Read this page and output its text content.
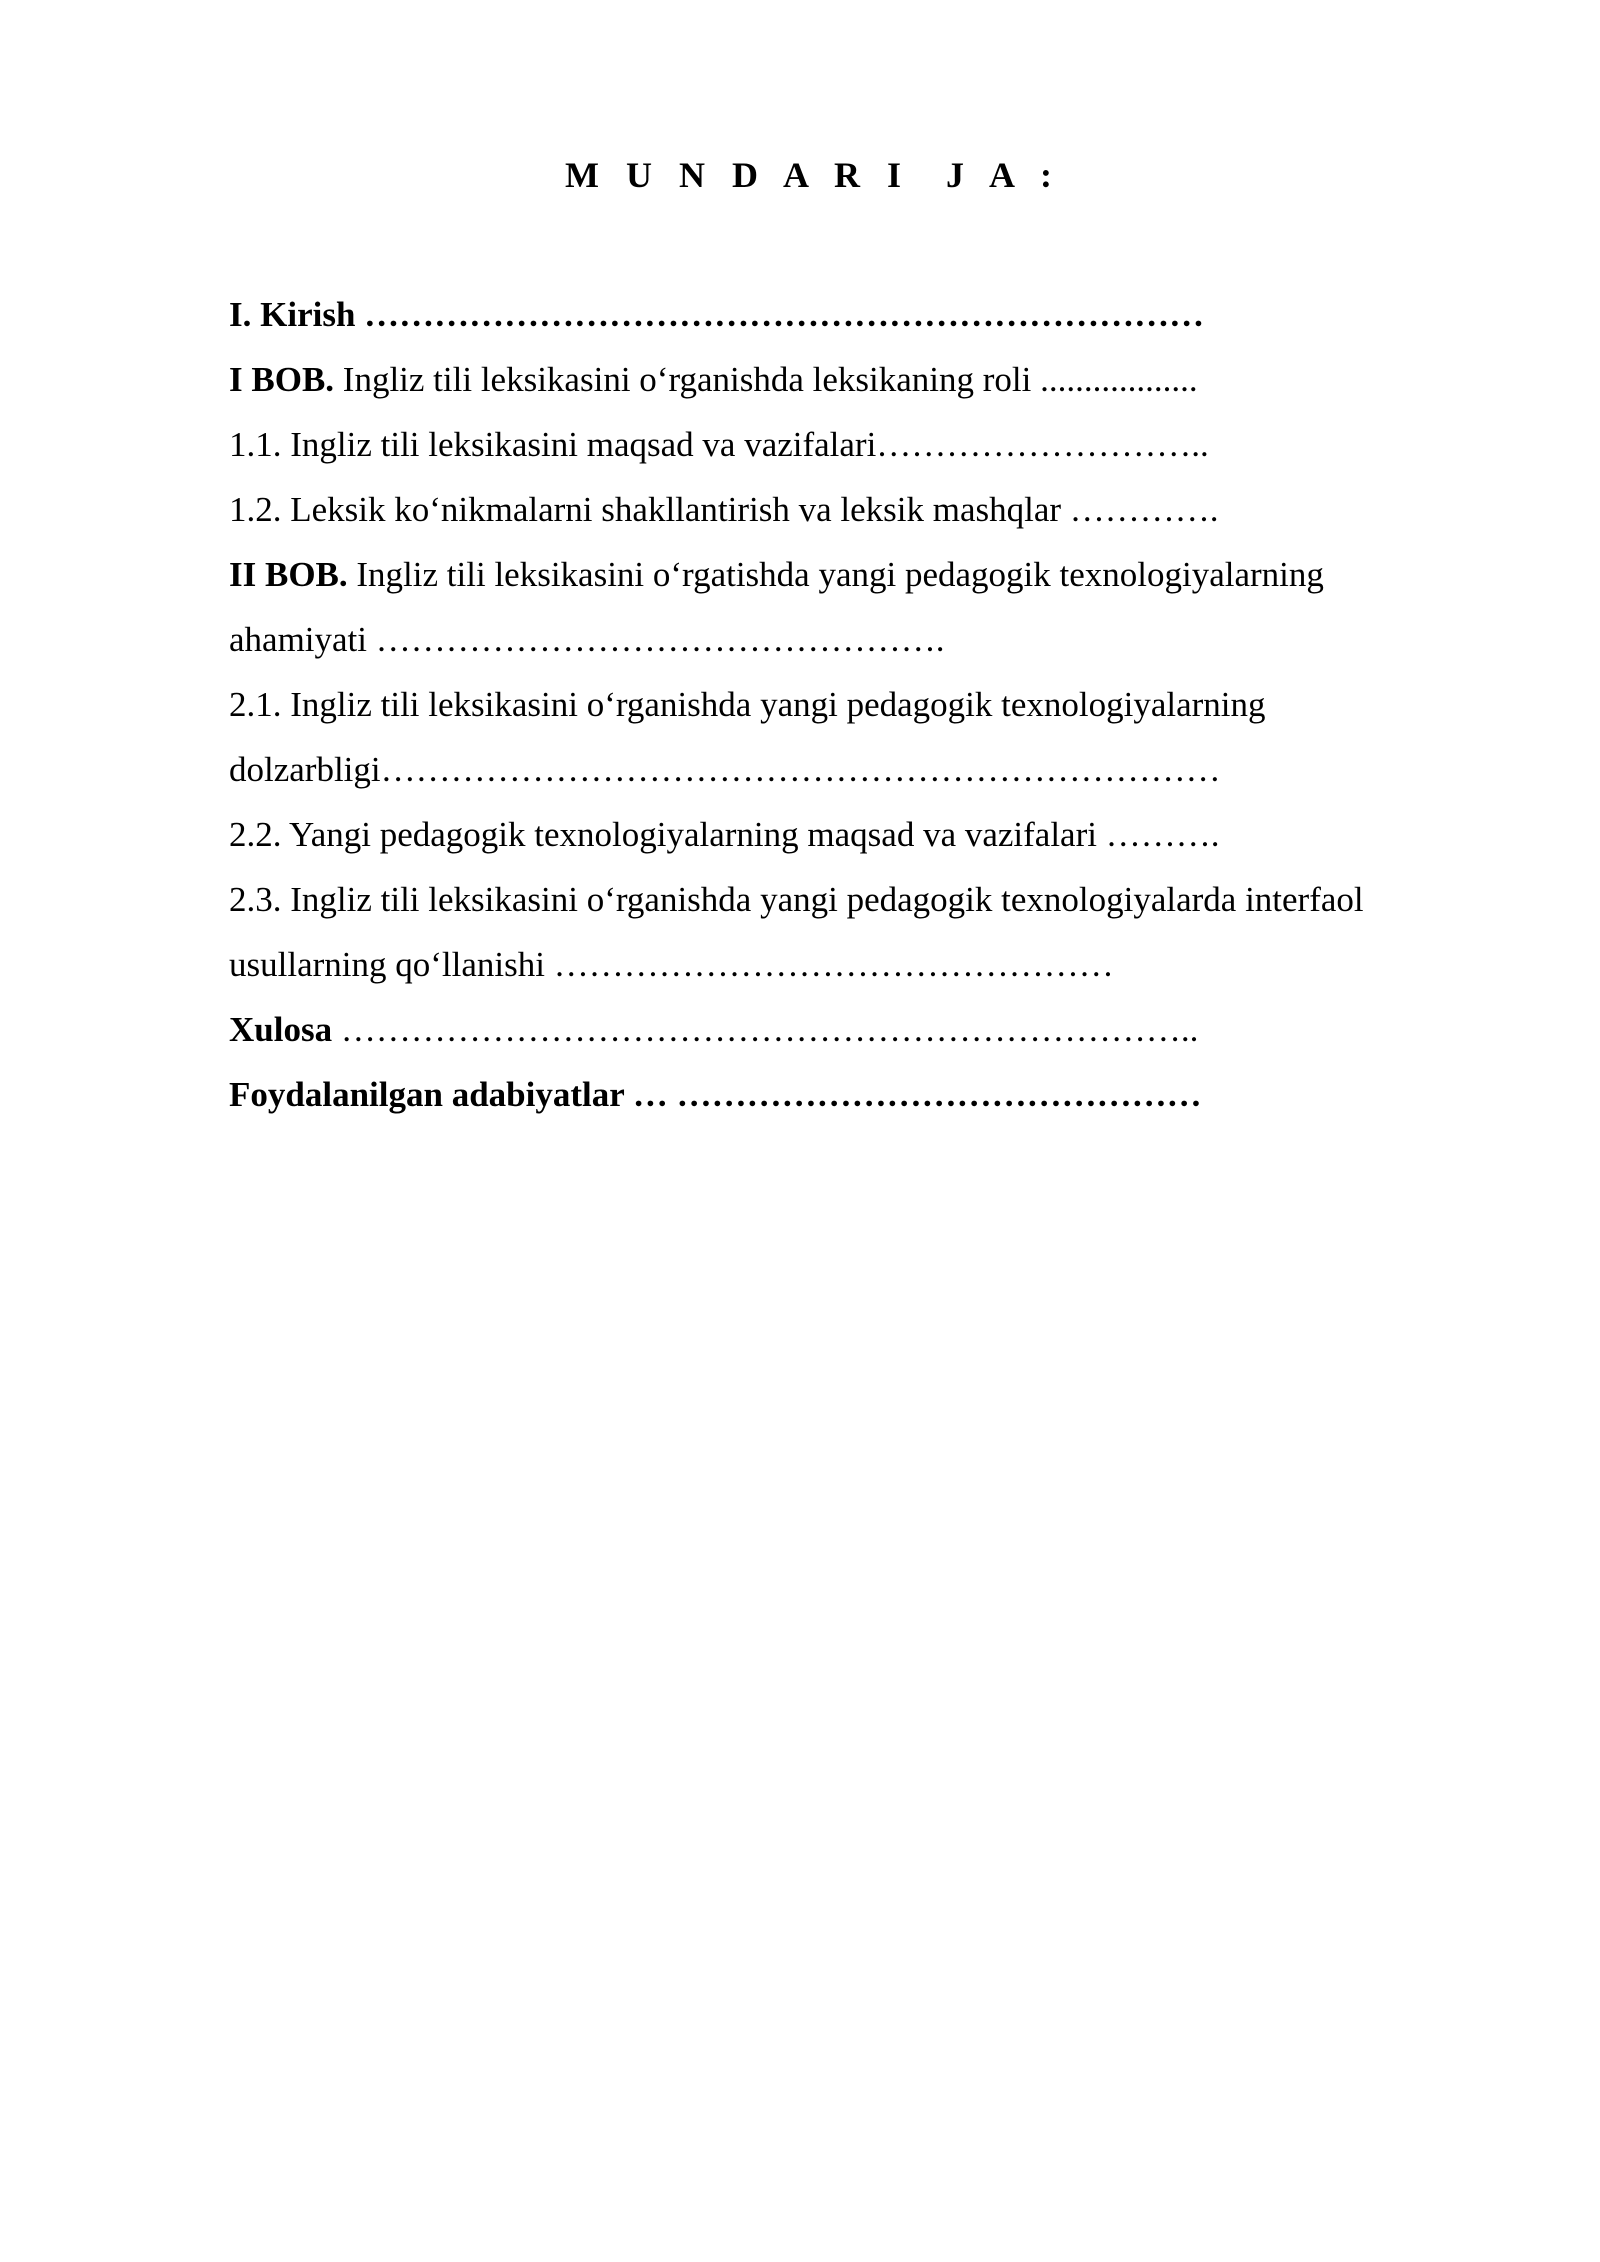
M U N D A R I  J A :
I. Kirish ………………………………………………………………
I BOB. Ingliz tili leksikasini o‘rganishda leksikaning roli ..................
1.1. Ingliz tili leksikasini maqsad va vazifalari………………………..
1.2. Leksik ko‘nikmalarni shakllantirish va leksik mashqlar ………….
II BOB. Ingliz tili leksikasini o‘rgatishda yangi pedagogik texnologiyalarning
ahamiyati ………………………………………….
2.1. Ingliz tili leksikasini o‘rganishda yangi pedagogik texnologiyalarning
dolzarbligi………………………………………………………………
2.2. Yangi pedagogik texnologiyalarning maqsad va vazifalari ……….
2.3. Ingliz tili leksikasini o‘rganishda yangi pedagogik texnologiyalarda interfaol
usullarning qo‘llanishi …………………………………………
Xulosa ………………………………………………………………..
Foydalanilgan adabiyatlar … ………………………………………
